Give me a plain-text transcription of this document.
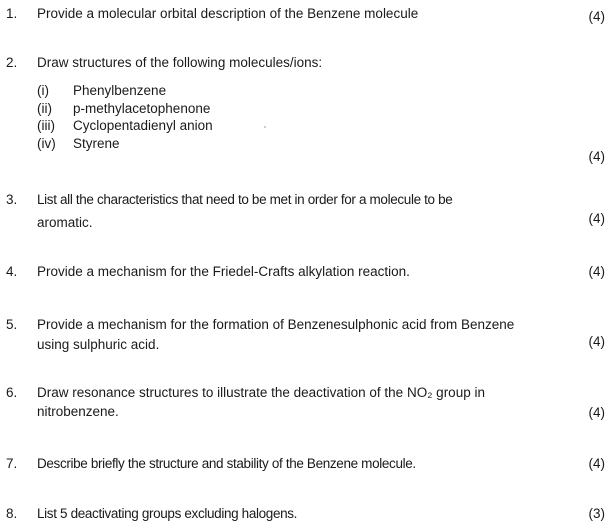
1. Provide a molecular orbital description of the Benzene molecule	(4)
2. Draw structures of the following molecules/ions:
(i) Phenylbenzene
(ii) p-methylacetophenone
(iii) Cyclopentadienyl anion
(iv) Styrene
(4)
3. List all the characteristics that need to be met in order for a molecule to be
aromatic.	(4)
4. Provide a mechanism for the Friedel-Crafts alkylation reaction.	(4)
5. Provide a mechanism for the formation of Benzenesulphonic acid from Benzene
using sulphuric acid.	(4)
6. Draw resonance structures to illustrate the deactivation of the NO₂ group in
nitrobenzene.	(4)
7. Describe briefly the structure and stability of the Benzene molecule.	(4)
8. List 5 deactivating groups excluding halogens.	(3)
